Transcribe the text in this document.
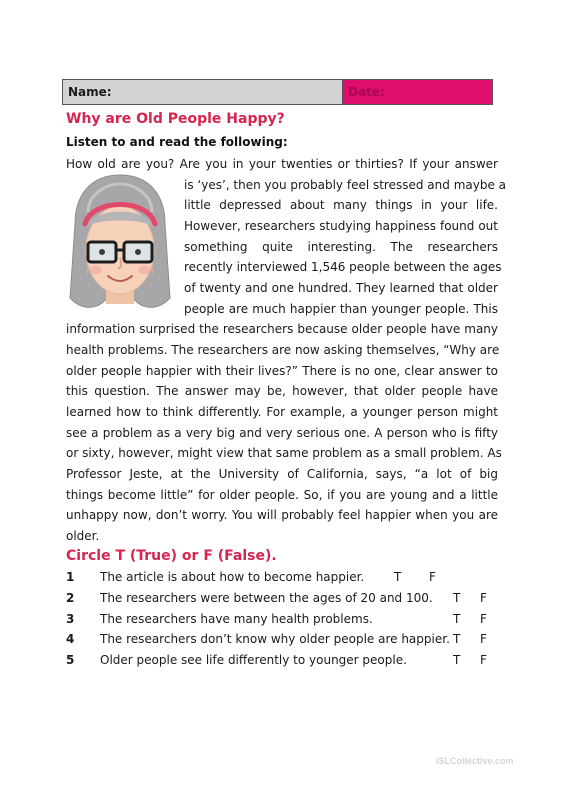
Name:	Date:
Why are Old People Happy?
Listen to and read the following:
How old are you? Are you in your twenties or thirties? If your answer
is ‘yes’, then you probably feel stressed and maybe a
little depressed about many things in your life.
However, researchers studying happiness found out
something quite interesting. The researchers
recently interviewed 1,546 people between the ages
of twenty and one hundred. They learned that older
people are much happier than younger people. This
information surprised the researchers because older people have many
health problems. The researchers are now asking themselves, “Why are
older people happier with their lives?” There is no one, clear answer to
this question. The answer may be, however, that older people have
learned how to think differently. For example, a younger person might
see a problem as a very big and very serious one. A person who is fifty
or sixty, however, might view that same problem as a small problem. As
Professor Jeste, at the University of California, says, “a lot of big
things become little” for older people. So, if you are young and a little
unhappy now, don’t worry. You will probably feel happier when you are
older.
Circle T (True) or F (False).
1 The article is about how to become happier. T F
2 The researchers were between the ages of 20 and 100. T F
3 The researchers have many health problems.	T F
4 The researchers don’t know why older people are happier. T F
5 Older people see life differently to younger people.	T F
iSLCollective.com
